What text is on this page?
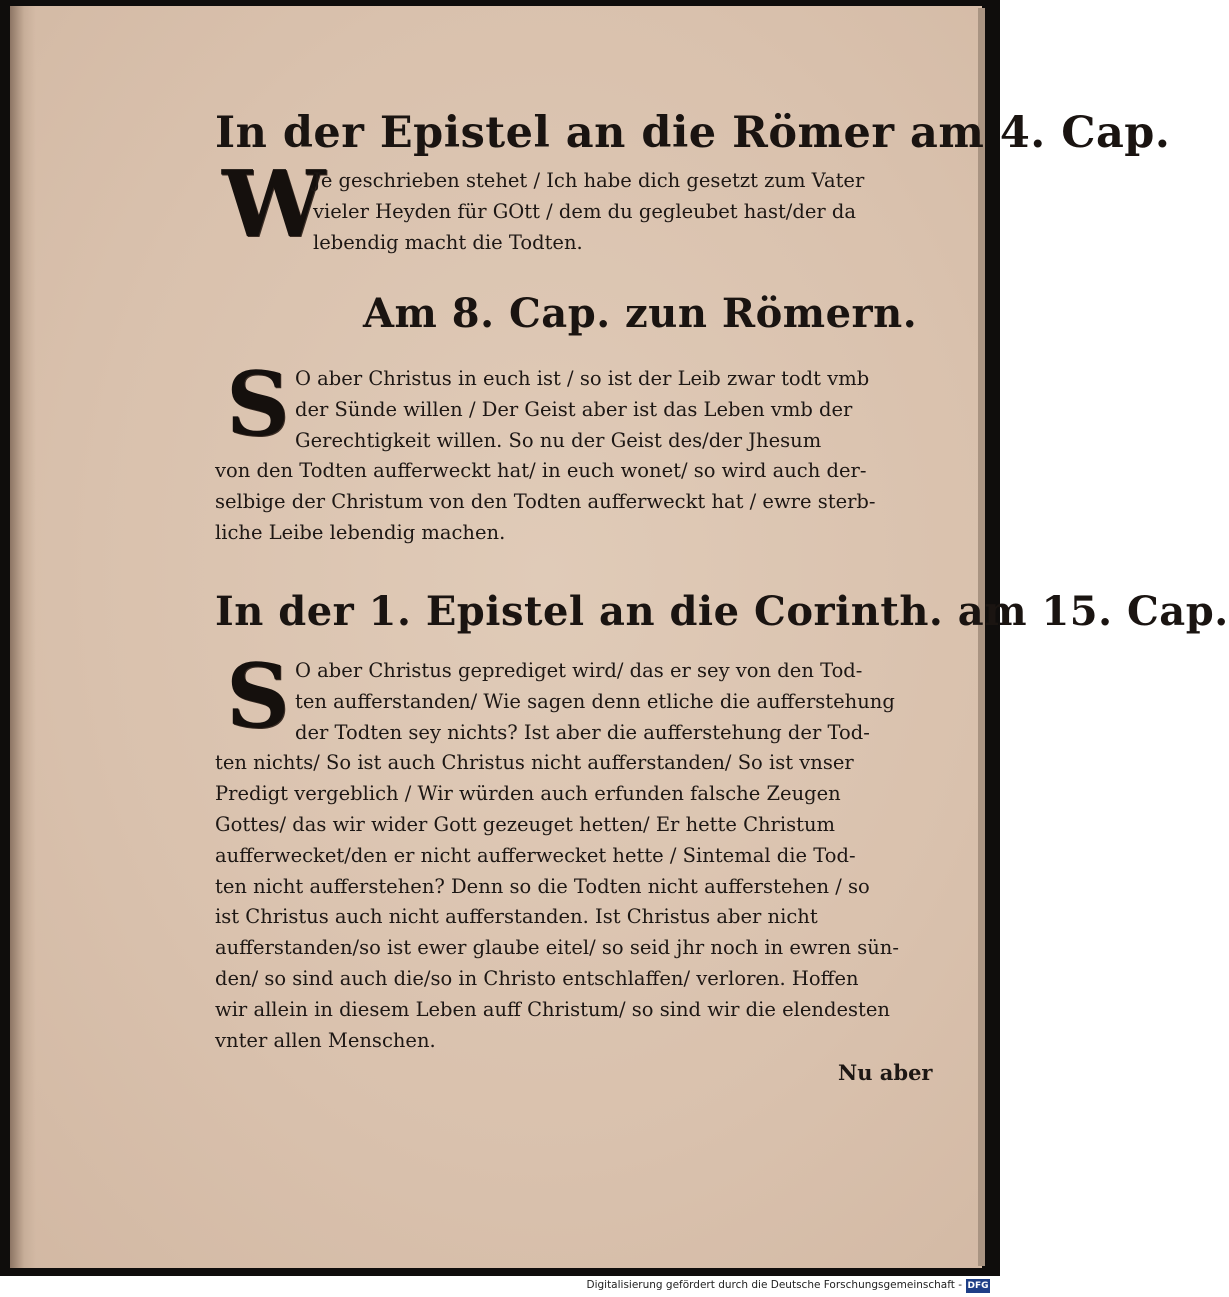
In der Epistel an die Römer am 4. Cap.
W
Je geschrieben stehet / Ich habe dich gesetzt zum Vater
vieler Heyden für GOtt / dem du gegleubet hast/der da
lebendig macht die Todten.
Am 8. Cap. zun Römern.
S O aber Christus in euch ist / so ist der Leib zwar todt vmb
der Sünde willen / Der Geist aber ist das Leben vmb der
Gerechtigkeit willen. So nu der Geist des/der Jhesum
von den Todten aufferweckt hat/ in euch wonet/ so wird auch der-
selbige der Christum von den Todten aufferweckt hat / ewre sterb-
liche Leibe lebendig machen.
In der 1. Epistel an die Corinth. am 15. Cap.
S O aber Christus geprediget wird/ das er sey von den Tod-
ten aufferstanden/ Wie sagen denn etliche die aufferstehung
der Todten sey nichts? Ist aber die aufferstehung der Tod-
ten nichts/ So ist auch Christus nicht aufferstanden/ So ist vnser
Predigt vergeblich / Wir würden auch erfunden falsche Zeugen
Gottes/ das wir wider Gott gezeuget hetten/ Er hette Christum
aufferwecket/den er nicht aufferwecket hette / Sintemal die Tod-
ten nicht aufferstehen? Denn so die Todten nicht aufferstehen / so
ist Christus auch nicht aufferstanden. Ist Christus aber nicht
aufferstanden/so ist ewer glaube eitel/ so seid jhr noch in ewren sün-
den/ so sind auch die/so in Christo entschlaffen/ verloren. Hoffen
wir allein in diesem Leben auff Christum/ so sind wir die elendesten
vnter allen Menschen.
Nu aber
Digitalisierung gefördert durch die Deutsche Forschungsgemeinschaft - DFG
